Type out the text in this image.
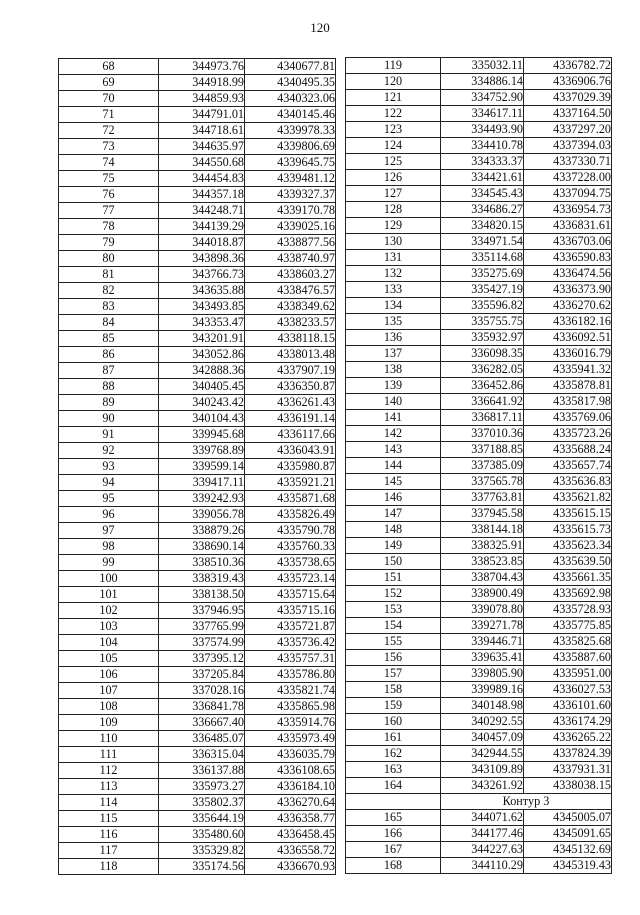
120
68	344973.76	4340677.81
69	344918.99	4340495.35
70	344859.93	4340323.06
71	344791.01	4340145.46
72	344718.61	4339978.33
73	344635.97	4339806.69
74	344550.68	4339645.75
75	344454.83	4339481.12
76	344357.18	4339327.37
77	344248.71	4339170.78
78	344139.29	4339025.16
79	344018.87	4338877.56
80	343898.36	4338740.97
81	343766.73	4338603.27
82	343635.88	4338476.57
83	343493.85	4338349.62
84	343353.47	4338233.57
85	343201.91	4338118.15
86	343052.86	4338013.48
87	342888.36	4337907.19
88	340405.45	4336350.87
89	340243.42	4336261.43
90	340104.43	4336191.14
91	339945.68	4336117.66
92	339768.89	4336043.91
93	339599.14	4335980.87
94	339417.11	4335921.21
95	339242.93	4335871.68
96	339056.78	4335826.49
97	338879.26	4335790.78
98	338690.14	4335760.33
99	338510.36	4335738.65
100	338319.43	4335723.14
101	338138.50	4335715.64
102	337946.95	4335715.16
103	337765.99	4335721.87
104	337574.99	4335736.42
105	337395.12	4335757.31
106	337205.84	4335786.80
107	337028.16	4335821.74
108	336841.78	4335865.98
109	336667.40	4335914.76
110	336485.07	4335973.49
111	336315.04	4336035.79
112	336137.88	4336108.65
113	335973.27	4336184.10
114	335802.37	4336270.64
115	335644.19	4336358.77
116	335480.60	4336458.45
117	335329.82	4336558.72
118	335174.56	4336670.93
119	335032.11	4336782.72
120	334886.14	4336906.76
121	334752.90	4337029.39
122	334617.11	4337164.50
123	334493.90	4337297.20
124	334410.78	4337394.03
125	334333.37	4337330.71
126	334421.61	4337228.00
127	334545.43	4337094.75
128	334686.27	4336954.73
129	334820.15	4336831.61
130	334971.54	4336703.06
131	335114.68	4336590.83
132	335275.69	4336474.56
133	335427.19	4336373.90
134	335596.82	4336270.62
135	335755.75	4336182.16
136	335932.97	4336092.51
137	336098.35	4336016.79
138	336282.05	4335941.32
139	336452.86	4335878.81
140	336641.92	4335817.98
141	336817.11	4335769.06
142	337010.36	4335723.26
143	337188.85	4335688.24
144	337385.09	4335657.74
145	337565.78	4335636.83
146	337763.81	4335621.82
147	337945.58	4335615.15
148	338144.18	4335615.73
149	338325.91	4335623.34
150	338523.85	4335639.50
151	338704.43	4335661.35
152	338900.49	4335692.98
153	339078.80	4335728.93
154	339271.78	4335775.85
155	339446.71	4335825.68
156	339635.41	4335887.60
157	339805.90	4335951.00
158	339989.16	4336027.53
159	340148.98	4336101.60
160	340292.55	4336174.29
161	340457.09	4336265.22
162	342944.55	4337824.39
163	343109.89	4337931.31
164	343261.92	4338038.15
	Контур 3	
165	344071.62	4345005.07
166	344177.46	4345091.65
167	344227.63	4345132.69
168	344110.29	4345319.43
